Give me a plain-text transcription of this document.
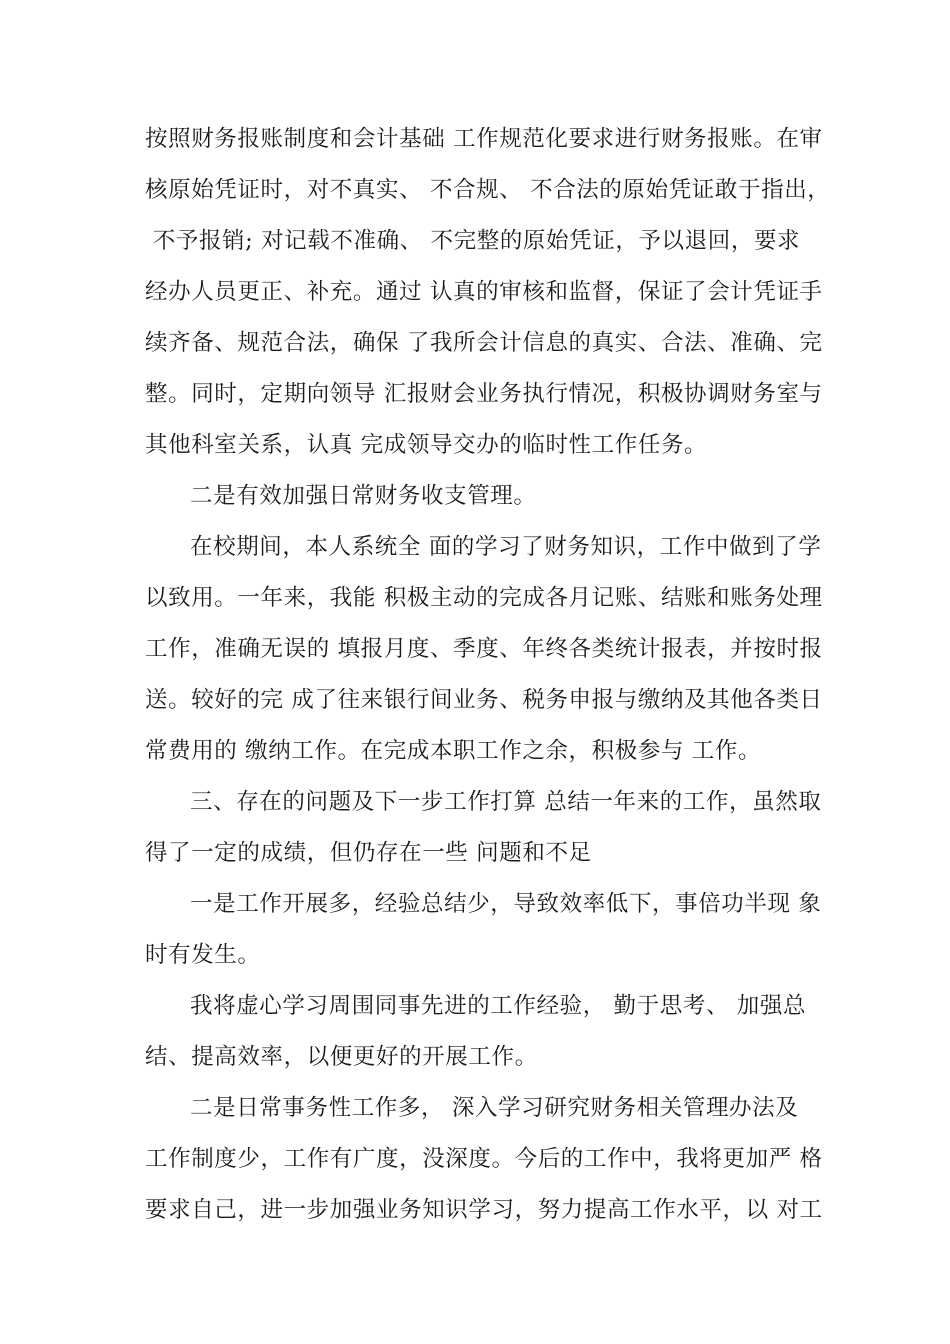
按照财务报账制度和会计基础 工作规范化要求进行财务报账。在审
核原始凭证时，对不真实、 不合规、 不合法的原始凭证敢于指出，
不予报销; 对记载不准确、 不完整的原始凭证，予以退回，要求
经办人员更正、补充。通过 认真的审核和监督，保证了会计凭证手
续齐备、规范合法，确保 了我所会计信息的真实、合法、准确、完
整。同时，定期向领导 汇报财会业务执行情况，积极协调财务室与
其他科室关系，认真 完成领导交办的临时性工作任务。
二是有效加强日常财务收支管理。
在校期间，本人系统全 面的学习了财务知识，工作中做到了学
以致用。一年来，我能 积极主动的完成各月记账、结账和账务处理
工作，准确无误的 填报月度、季度、年终各类统计报表，并按时报
送。较好的完 成了往来银行间业务、税务申报与缴纳及其他各类日
常费用的 缴纳工作。在完成本职工作之余，积极参与 工作。
三、存在的问题及下一步工作打算 总结一年来的工作，虽然取
得了一定的成绩，但仍存在一些 问题和不足
一是工作开展多，经验总结少，导致效率低下，事倍功半现 象
时有发生。
我将虚心学习周围同事先进的工作经验， 勤于思考、 加强总
结、提高效率，以便更好的开展工作。
二是日常事务性工作多， 深入学习研究财务相关管理办法及
工作制度少，工作有广度，没深度。今后的工作中，我将更加严 格
要求自己，进一步加强业务知识学习，努力提高工作水平，以 对工
